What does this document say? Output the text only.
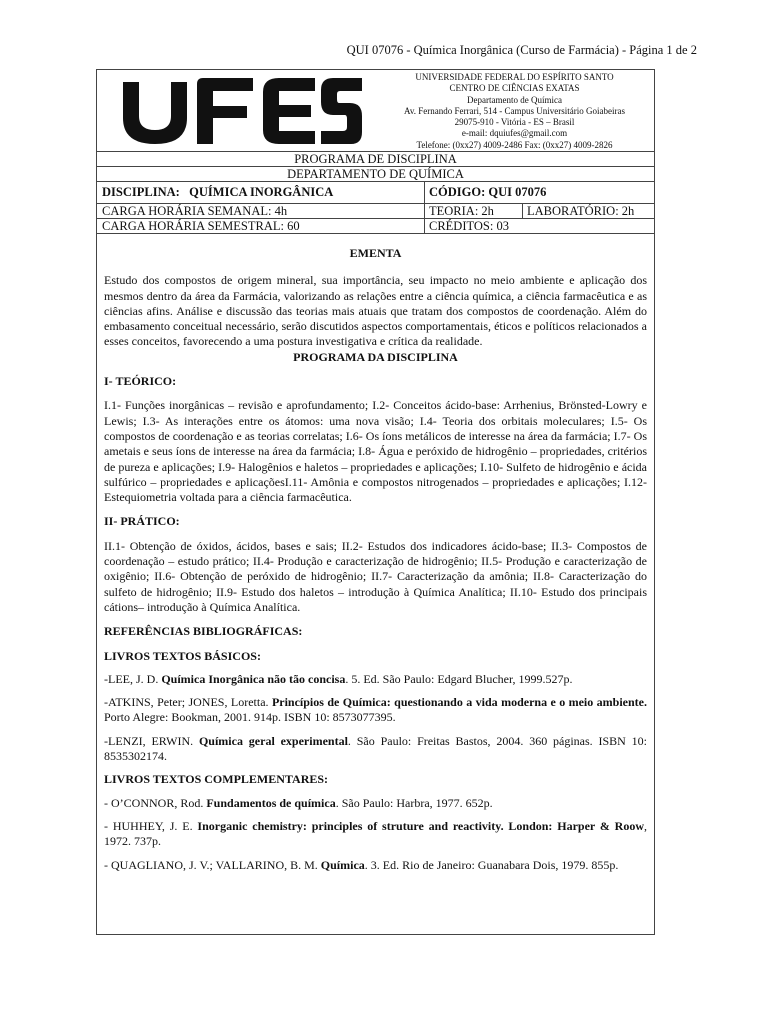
QUI 07076 - Química Inorgânica (Curso de Farmácia) - Página 1 de 2
UNIVERSIDADE FEDERAL DO ESPÍRITO SANTO
CENTRO DE CIÊNCIAS EXATAS
Departamento de Química
Av. Fernando Ferrari, 514 - Campus Universitário Goiabeiras
29075-910 - Vitória - ES – Brasil
e-mail: dquiufes@gmail.com
Telefone: (0xx27) 4009-2486 Fax: (0xx27) 4009-2826
PROGRAMA DE DISCIPLINA
DEPARTAMENTO DE QUÍMICA
DISCIPLINA: QUÍMICA INORGÂNICA	CÓDIGO: QUI 07076
CARGA HORÁRIA SEMANAL: 4h	TEORIA: 2h	LABORATÓRIO: 2h
CARGA HORÁRIA SEMESTRAL: 60	CRÉDITOS: 03
EMENTA

Estudo dos compostos de origem mineral, sua importância, seu impacto no meio ambiente e aplicação dos mesmos dentro da área da Farmácia, valorizando as relações entre a ciência química, a ciência farmacêutica e as ciências afins. Análise e discussão das teorias mais atuais que tratam dos compostos de coordenação. Além do embasamento conceitual necessário, serão discutidos aspectos comportamentais, éticos e políticos relacionados a esses conceitos, favorecendo a uma postura investigativa e crítica da realidade.

PROGRAMA DA DISCIPLINA
I- TEÓRICO:

I.1- Funções inorgânicas – revisão e aprofundamento; I.2- Conceitos ácido-base: Arrhenius, Brönsted-Lowry e Lewis; I.3- As interações entre os átomos: uma nova visão; I.4- Teoria dos orbitais moleculares; I.5- Os compostos de coordenação e as teorias correlatas; I.6- Os íons metálicos de interesse na área da farmácia; I.7- Os ametais e seus íons de interesse na área da farmácia; I.8- Água e peróxido de hidrogênio – propriedades, critérios de pureza e aplicações; I.9- Halogênios e haletos – propriedades e aplicações; I.10- Sulfeto de hidrogênio e ácida sulfúrico – propriedades e aplicaçõesI.11- Amônia e compostos nitrogenados – propriedades e aplicações; I.12- Estequiometria voltada para a ciência farmacêutica.

II- PRÁTICO:

II.1- Obtenção de óxidos, ácidos, bases e sais; II.2- Estudos dos indicadores ácido-base; II.3- Compostos de coordenação – estudo prático; II.4- Produção e caracterização de hidrogênio; II.5- Produção e caracterização de oxigênio; II.6- Obtenção de peróxido de hidrogênio; II.7- Caracterização da amônia; II.8- Caracterização do sulfeto de hidrogênio; II.9- Estudo dos haletos – introdução à Química Analítica; II.10- Estudo dos principais cátions– introdução à Química Analítica.

REFERÊNCIAS BIBLIOGRÁFICAS:
LIVROS TEXTOS BÁSICOS:

-LEE, J. D. Química Inorgânica não tão concisa. 5. Ed. São Paulo: Edgard Blucher, 1999.527p.

-ATKINS, Peter; JONES, Loretta. Princípios de Química: questionando a vida moderna e o meio ambiente. Porto Alegre: Bookman, 2001. 914p. ISBN 10: 8573077395.

-LENZI, ERWIN. Química geral experimental. São Paulo: Freitas Bastos, 2004. 360 páginas. ISBN 10: 8535302174.

LIVROS TEXTOS COMPLEMENTARES:

- O’CONNOR, Rod. Fundamentos de química. São Paulo: Harbra, 1977. 652p.

- HUHHEY, J. E. Inorganic chemistry: principles of struture and reactivity. London: Harper & Roow, 1972. 737p.

- QUAGLIANO, J. V.; VALLARINO, B. M. Química. 3. Ed. Rio de Janeiro: Guanabara Dois, 1979. 855p.
